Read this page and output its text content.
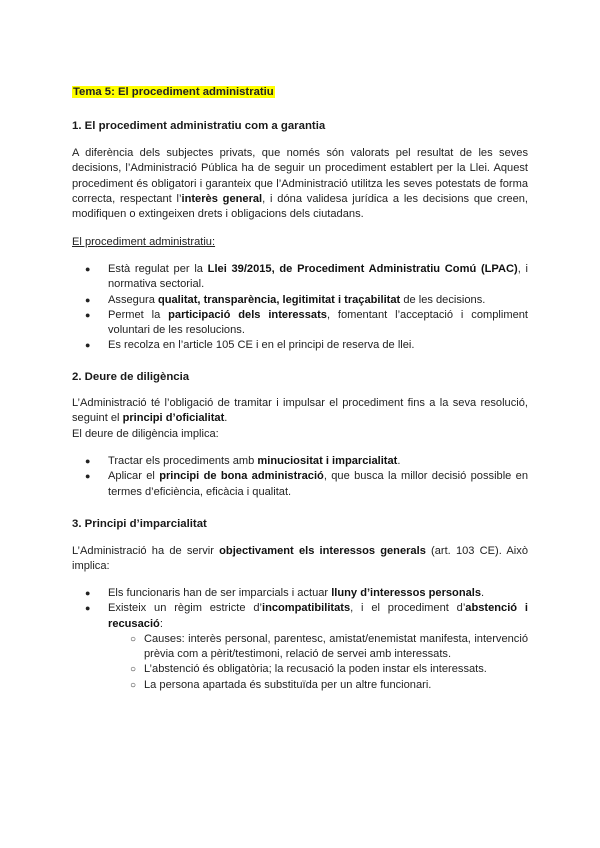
Tema 5: El procediment administratiu
1. El procediment administratiu com a garantia

A diferència dels subjectes privats, que només són valorats pel resultat de les seves decisions, l’Administració Pública ha de seguir un procediment establert per la Llei. Aquest procediment és obligatori i garanteix que l’Administració utilitza les seves potestats de forma correcta, respectant l’interès general, i dóna validesa jurídica a les decisions que creen, modifiquen o extingeixen drets i obligacions dels ciutadans.

El procediment administratiu:

● Està regulat per la Llei 39/2015, de Procediment Administratiu Comú (LPAC), i normativa sectorial.
● Assegura qualitat, transparència, legitimitat i traçabilitat de les decisions.
● Permet la participació dels interessats, fomentant l’acceptació i compliment voluntari de les resolucions.
● Es recolza en l’article 105 CE i en el principi de reserva de llei.
2. Deure de diligència

L’Administració té l’obligació de tramitar i impulsar el procediment fins a la seva resolució, seguint el principi d’oficialitat.

El deure de diligència implica:

● Tractar els procediments amb minuciositat i imparcialitat.
● Aplicar el principi de bona administració, que busca la millor decisió possible en termes d’eficiència, eficàcia i qualitat.
3. Principi d’imparcialitat

L’Administració ha de servir objectivament els interessos generals (art. 103 CE). Això implica:

● Els funcionaris han de ser imparcials i actuar lluny d’interessos personals.
● Existeix un règim estricte d’incompatibilitats, i el procediment d’abstenció i recusació:
○ Causes: interès personal, parentesc, amistat/enemistat manifesta, intervenció prèvia com a pèrit/testimoni, relació de servei amb interessats.
○ L’abstenció és obligatòria; la recusació la poden instar els interessats.
○ La persona apartada és substituïda per un altre funcionari.
